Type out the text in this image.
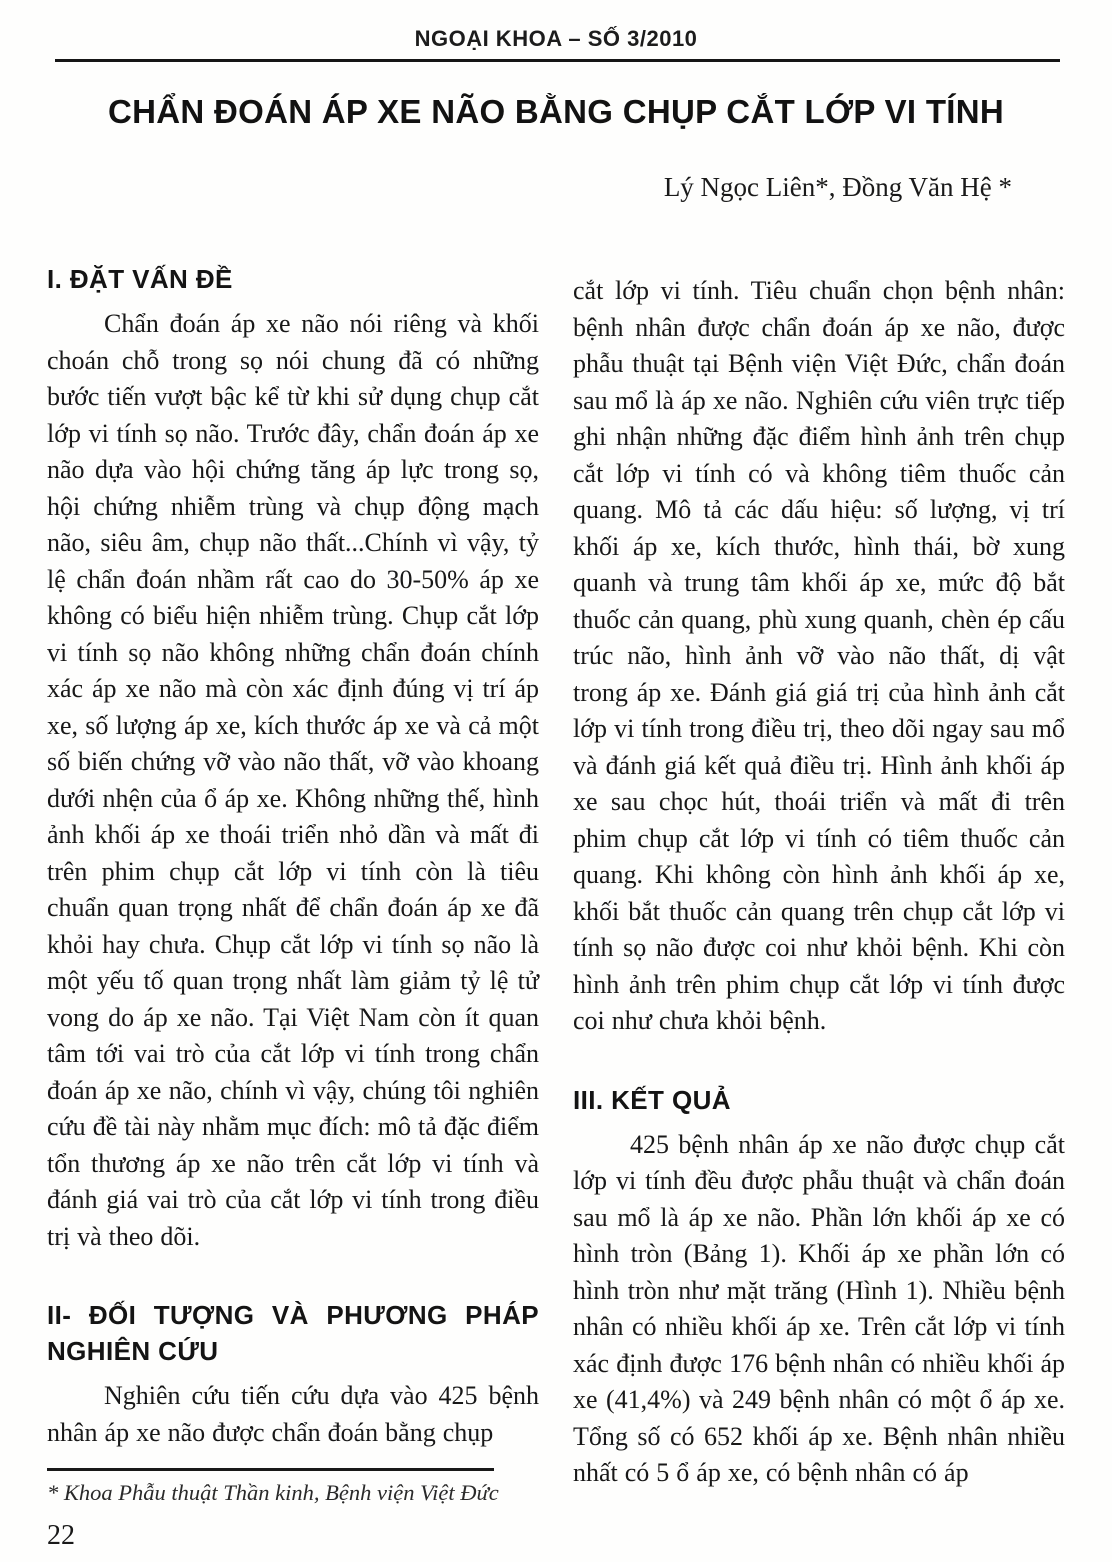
NGOẠI KHOA – SỐ 3/2010
CHẨN ĐOÁN ÁP XE NÃO BẰNG CHỤP CẮT LỚP VI TÍNH
Lý Ngọc Liên*, Đồng Văn Hệ *
I. ĐẶT VẤN ĐỀ

Chẩn đoán áp xe não nói riêng và khối choán chỗ trong sọ nói chung đã có những bước tiến vượt bậc kể từ khi sử dụng chụp cắt lớp vi tính sọ não. Trước đây, chẩn đoán áp xe não dựa vào hội chứng tăng áp lực trong sọ, hội chứng nhiễm trùng và chụp động mạch não, siêu âm, chụp não thất...Chính vì vậy, tỷ lệ chẩn đoán nhầm rất cao do 30-50% áp xe không có biểu hiện nhiễm trùng. Chụp cắt lớp vi tính sọ não không những chẩn đoán chính xác áp xe não mà còn xác định đúng vị trí áp xe, số lượng áp xe, kích thước áp xe và cả một số biến chứng vỡ vào não thất, vỡ vào khoang dưới nhện của ổ áp xe. Không những thế, hình ảnh khối áp xe thoái triển nhỏ dần và mất đi trên phim chụp cắt lớp vi tính còn là tiêu chuẩn quan trọng nhất để chẩn đoán áp xe đã khỏi hay chưa. Chụp cắt lớp vi tính sọ não là một yếu tố quan trọng nhất làm giảm tỷ lệ tử vong do áp xe não. Tại Việt Nam còn ít quan tâm tới vai trò của cắt lớp vi tính trong chẩn đoán áp xe não, chính vì vậy, chúng tôi nghiên cứu đề tài này nhằm mục đích: mô tả đặc điểm tổn thương áp xe não trên cắt lớp vi tính và đánh giá vai trò của cắt lớp vi tính trong điều trị và theo dõi.

II- ĐỐI TƯỢNG VÀ PHƯƠNG PHÁP NGHIÊN CỨU

Nghiên cứu tiến cứu dựa vào 425 bệnh nhân áp xe não được chẩn đoán bằng chụp

* Khoa Phẫu thuật Thần kinh, Bệnh viện Việt Đức
22

cắt lớp vi tính. Tiêu chuẩn chọn bệnh nhân: bệnh nhân được chẩn đoán áp xe não, được phẫu thuật tại Bệnh viện Việt Đức, chẩn đoán sau mổ là áp xe não. Nghiên cứu viên trực tiếp ghi nhận những đặc điểm hình ảnh trên chụp cắt lớp vi tính có và không tiêm thuốc cản quang. Mô tả các dấu hiệu: số lượng, vị trí khối áp xe, kích thước, hình thái, bờ xung quanh và trung tâm khối áp xe, mức độ bắt thuốc cản quang, phù xung quanh, chèn ép cấu trúc não, hình ảnh vỡ vào não thất, dị vật trong áp xe. Đánh giá giá trị của hình ảnh cắt lớp vi tính trong điều trị, theo dõi ngay sau mổ và đánh giá kết quả điều trị. Hình ảnh khối áp xe sau chọc hút, thoái triển và mất đi trên phim chụp cắt lớp vi tính có tiêm thuốc cản quang. Khi không còn hình ảnh khối áp xe, khối bắt thuốc cản quang trên chụp cắt lớp vi tính sọ não được coi như khỏi bệnh. Khi còn hình ảnh trên phim chụp cắt lớp vi tính được coi như chưa khỏi bệnh.

III. KẾT QUẢ

425 bệnh nhân áp xe não được chụp cắt lớp vi tính đều được phẫu thuật và chẩn đoán sau mổ là áp xe não. Phần lớn khối áp xe có hình tròn (Bảng 1). Khối áp xe phần lớn có hình tròn như mặt trăng (Hình 1). Nhiều bệnh nhân có nhiều khối áp xe. Trên cắt lớp vi tính xác định được 176 bệnh nhân có nhiều khối áp xe (41,4%) và 249 bệnh nhân có một ổ áp xe. Tổng số có 652 khối áp xe. Bệnh nhân nhiều nhất có 5 ổ áp xe, có bệnh nhân có áp
